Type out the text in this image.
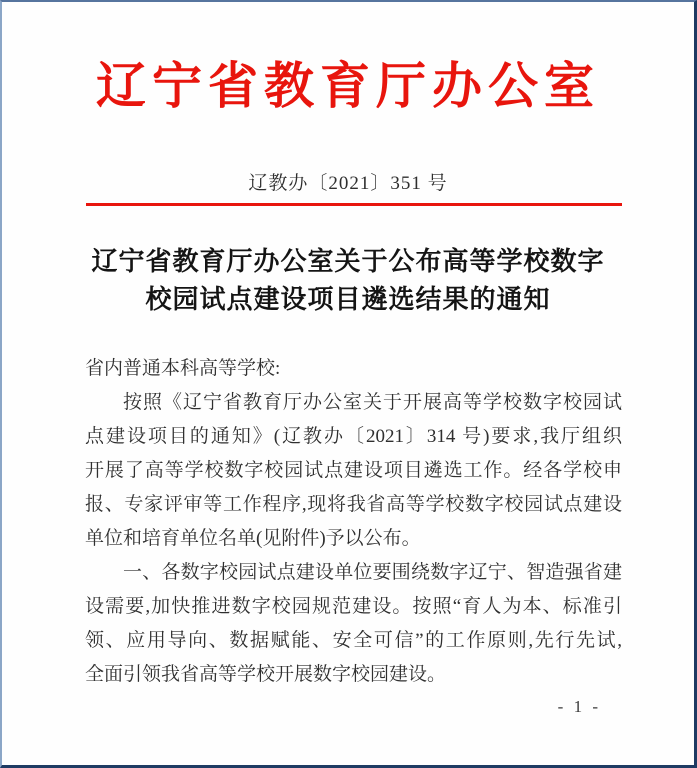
辽宁省教育厅办公室
辽教办〔2021〕351 号
辽宁省教育厅办公室关于公布高等学校数字
校园试点建设项目遴选结果的通知
省内普通本科高等学校:
按照《辽宁省教育厅办公室关于开展高等学校数字校园试
点建设项目的通知》(辽教办〔2021〕314 号)要求,我厅组织
开展了高等学校数字校园试点建设项目遴选工作。经各学校申
报、专家评审等工作程序,现将我省高等学校数字校园试点建设
单位和培育单位名单(见附件)予以公布。
一、各数字校园试点建设单位要围绕数字辽宁、智造强省建
设需要,加快推进数字校园规范建设。按照“育人为本、标准引
领、应用导向、数据赋能、安全可信”的工作原则,先行先试,
全面引领我省高等学校开展数字校园建设。
- 1 -
